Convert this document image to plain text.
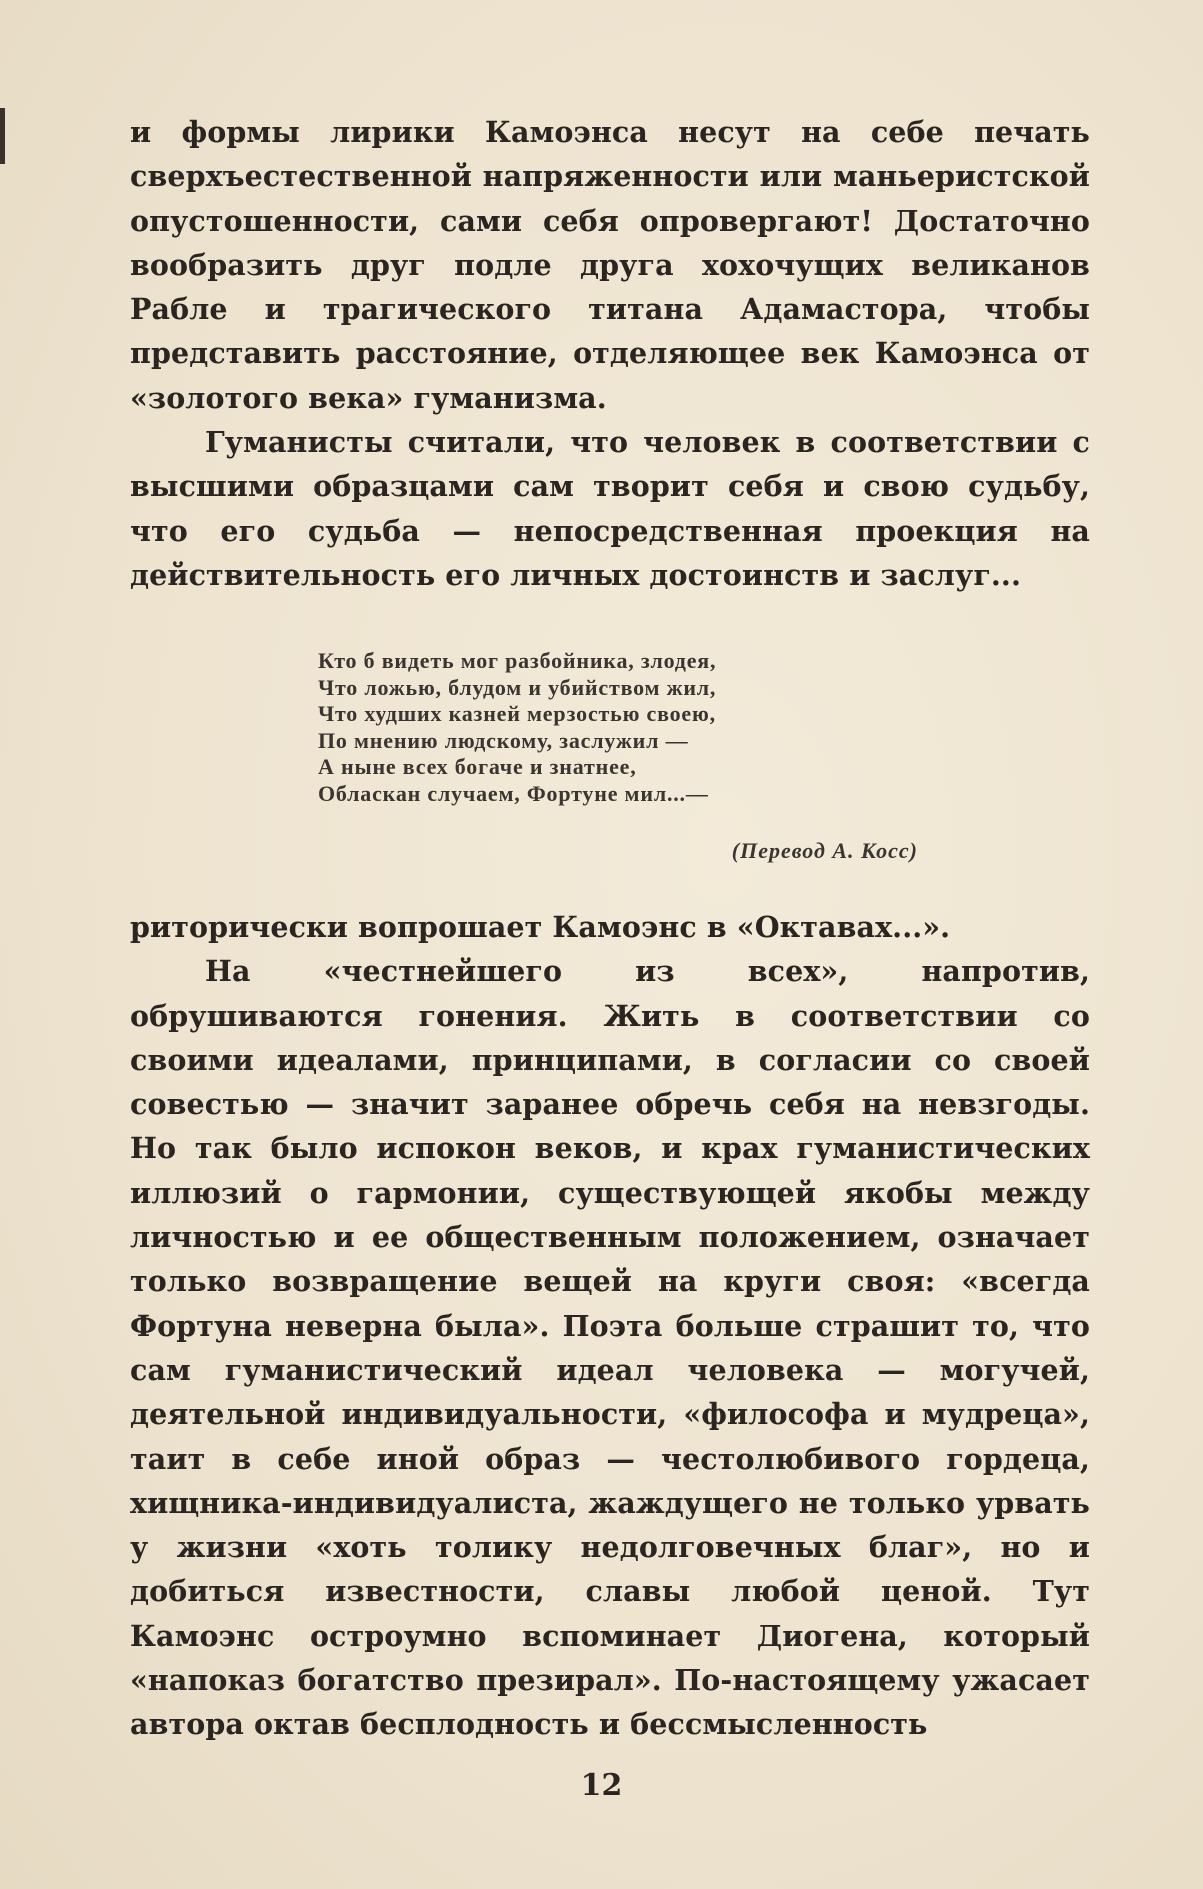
и формы лирики Камоэнса несут на себе печать сверхъестественной напряженности или маньеристской опустошенности, сами себя опровергают! Достаточно вообразить друг подле друга хохочущих великанов Рабле и трагического титана Адамастора, чтобы представить расстояние, отделяющее век Камоэнса от «золотого века» гуманизма.

Гуманисты считали, что человек в соответствии с высшими образцами сам творит себя и свою судьбу, что его судьба — непосредственная проекция на действительность его личных достоинств и заслуг...

Кто б видеть мог разбойника, злодея,
Что ложью, блудом и убийством жил,
Что худших казней мерзостью своею,
По мнению людскому, заслужил —
А ныне всех богаче и знатнее,
Обласкан случаем, Фортуне мил...—
(Перевод А. Косс)

риторически вопрошает Камоэнс в «Октавах...».

На «честнейшего из всех», напротив, обрушиваются гонения. Жить в соответствии со своими идеалами, принципами, в согласии со своей совестью — значит заранее обречь себя на невзгоды. Но так было испокон веков, и крах гуманистических иллюзий о гармонии, существующей якобы между личностью и ее общественным положением, означает только возвращение вещей на круги своя: «всегда Фортуна неверна была». Поэта больше страшит то, что сам гуманистический идеал человека — могучей, деятельной индивидуальности, «философа и мудреца», таит в себе иной образ — честолюбивого гордеца, хищника-индивидуалиста, жаждущего не только урвать у жизни «хоть толику недолговечных благ», но и добиться известности, славы любой ценой. Тут Камоэнс остроумно вспоминает Диогена, который «напоказ богатство презирал». По-настоящему ужасает автора октав бесплодность и бессмысленность

12
